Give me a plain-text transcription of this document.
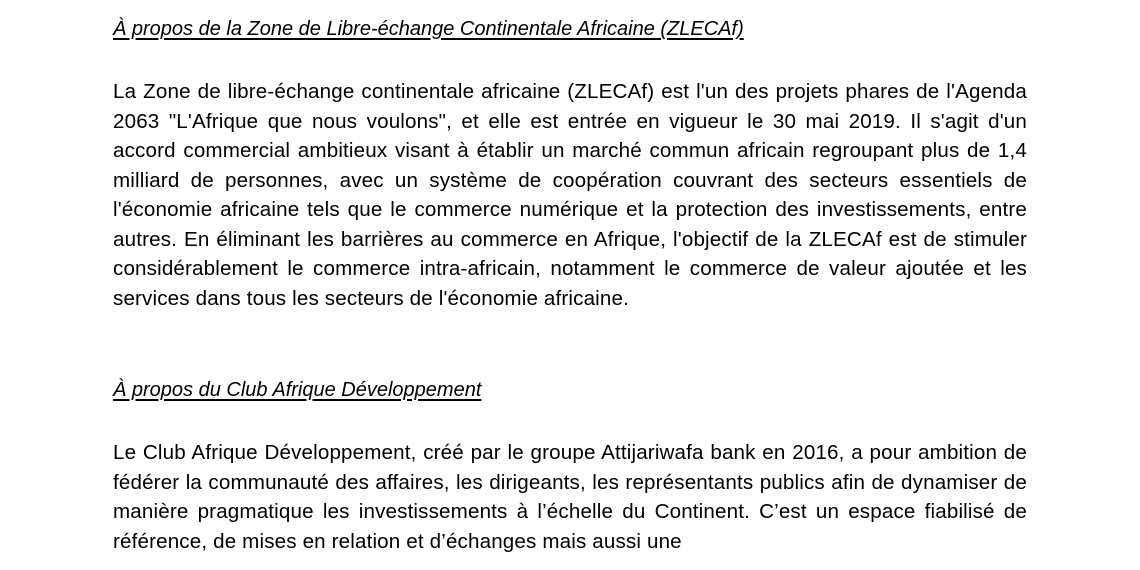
À propos de la Zone de Libre-échange Continentale Africaine (ZLECAf)

La Zone de libre-échange continentale africaine (ZLECAf) est l'un des projets phares de l'Agenda 2063 "L'Afrique que nous voulons", et elle est entrée en vigueur le 30 mai 2019. Il s'agit d'un accord commercial ambitieux visant à établir un marché commun africain regroupant plus de 1,4 milliard de personnes, avec un système de coopération couvrant des secteurs essentiels de l'économie africaine tels que le commerce numérique et la protection des investissements, entre autres. En éliminant les barrières au commerce en Afrique, l'objectif de la ZLECAf est de stimuler considérablement le commerce intra-africain, notamment le commerce de valeur ajoutée et les services dans tous les secteurs de l'économie africaine.

À propos du Club Afrique Développement

Le Club Afrique Développement, créé par le groupe Attijariwafa bank en 2016, a pour ambition de fédérer la communauté des affaires, les dirigeants, les représentants publics afin de dynamiser de manière pragmatique les investissements à l’échelle du Continent. C’est un espace fiabilisé de référence, de mises en relation et d’échanges mais aussi une
